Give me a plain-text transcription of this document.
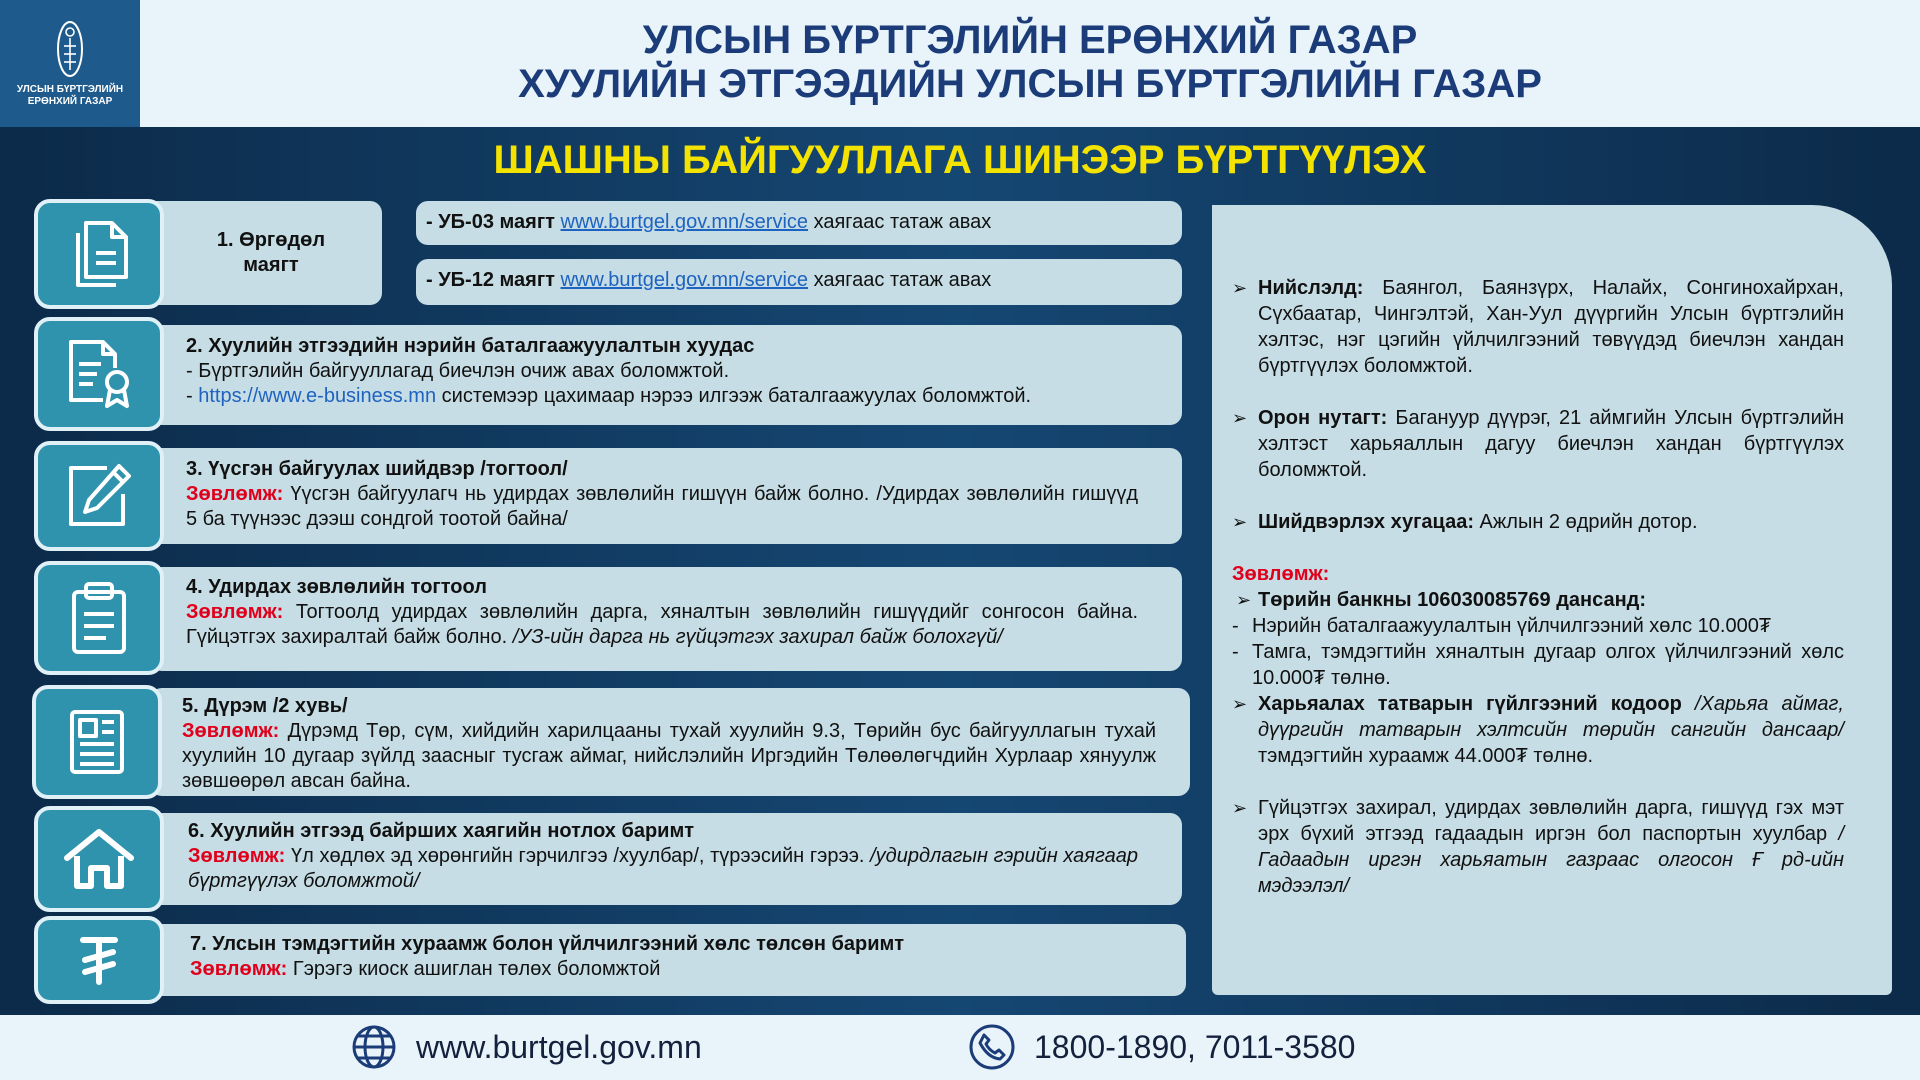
УЛСЫН БҮРТГЭЛИЙН
ЕРӨНХИЙ ГАЗАР
УЛСЫН БҮРТГЭЛИЙН ЕРӨНХИЙ ГАЗАР
ХУУЛИЙН ЭТГЭЭДИЙН УЛСЫН БҮРТГЭЛИЙН ГАЗАР
ШАШНЫ БАЙГУУЛЛАГА ШИНЭЭР БҮРТГҮҮЛЭХ
1. Өргөдөл маягт
- УБ-03 маягт www.burtgel.gov.mn/service хаягаас татаж авах
- УБ-12 маягт www.burtgel.gov.mn/service хаягаас татаж авах
2. Хуулийн этгээдийн нэрийн баталгаажуулалтын хуудас
- Бүртгэлийн байгууллагад биечлэн очиж авах боломжтой.
- https://www.e-business.mn системээр цахимаар нэрээ илгээж баталгаажуулах боломжтой.
3. Үүсгэн байгуулах шийдвэр /тогтоол/
Зөвлөмж: Үүсгэн байгуулагч нь удирдах зөвлөлийн гишүүн байж болно. /Удирдах зөвлөлийн гишүүд 5 ба түүнээс дээш сондгой тоотой байна/
4. Удирдах зөвлөлийн тогтоол
Зөвлөмж: Тогтоолд удирдах зөвлөлийн дарга, хяналтын зөвлөлийн гишүүдийг сонгосон байна. Гүйцэтгэх захиралтай байж болно. /УЗ-ийн дарга нь гүйцэтгэх захирал байж болохгүй/
5. Дүрэм /2 хувь/
Зөвлөмж: Дүрэмд Төр, сүм, хийдийн харилцааны тухай хуулийн 9.3, Төрийн бус байгууллагын тухай хуулийн 10 дугаар зүйлд заасныг тусгаж аймаг, нийслэлийн Иргэдийн Төлөөлөгчдийн Хурлаар хянуулж зөвшөөрөл авсан байна.
6. Хуулийн этгээд байрших хаягийн нотлох баримт
Зөвлөмж: Үл хөдлөх эд хөрөнгийн гэрчилгээ /хуулбар/, түрээсийн гэрээ. /удирдлагын гэрийн хаягаар бүртгүүлэх боломжтой/
7. Улсын тэмдэгтийн хураамж болон үйлчилгээний хөлс төлсөн баримт
Зөвлөмж: Гэрэгэ киоск ашиглан төлөх боломжтой
➢ Нийслэлд: Баянгол, Баянзүрх, Налайх, Сонгинохайрхан, Сүхбаатар, Чингэлтэй, Хан-Уул дүүргийн Улсын бүртгэлийн хэлтэс, нэг цэгийн үйлчилгээний төвүүдэд биечлэн хандан бүртгүүлэх боломжтой.
➢ Орон нутагт: Багануур дүүрэг, 21 аймгийн Улсын бүртгэлийн хэлтэст харьяаллын дагуу биечлэн хандан бүртгүүлэх боломжтой.
➢ Шийдвэрлэх хугацаа: Ажлын 2 өдрийн дотор.
Зөвлөмж:
➢ Төрийн банкны 106030085769 дансанд:
- Нэрийн баталгаажуулалтын үйлчилгээний хөлс 10.000₮
- Тамга, тэмдэгтийн хяналтын дугаар олгох үйлчилгээний хөлс 10.000₮ төлнө.
➢ Харьяалах татварын гүйлгээний кодоор /Харьяа аймаг, дүүргийн татварын хэлтсийн төрийн сангийн дансаар/ тэмдэгтийн хураамж 44.000₮ төлнө.
➢ Гүйцэтгэх захирал, удирдах зөвлөлийн дарга, гишүүд гэх мэт эрх бүхий этгээд гадаадын иргэн бол паспортын хуулбар /Гадаадын иргэн харьяатын газраас олгосон Ғ рд-ийн мэдээлэл/
www.burtgel.gov.mn	1800-1890, 7011-3580
